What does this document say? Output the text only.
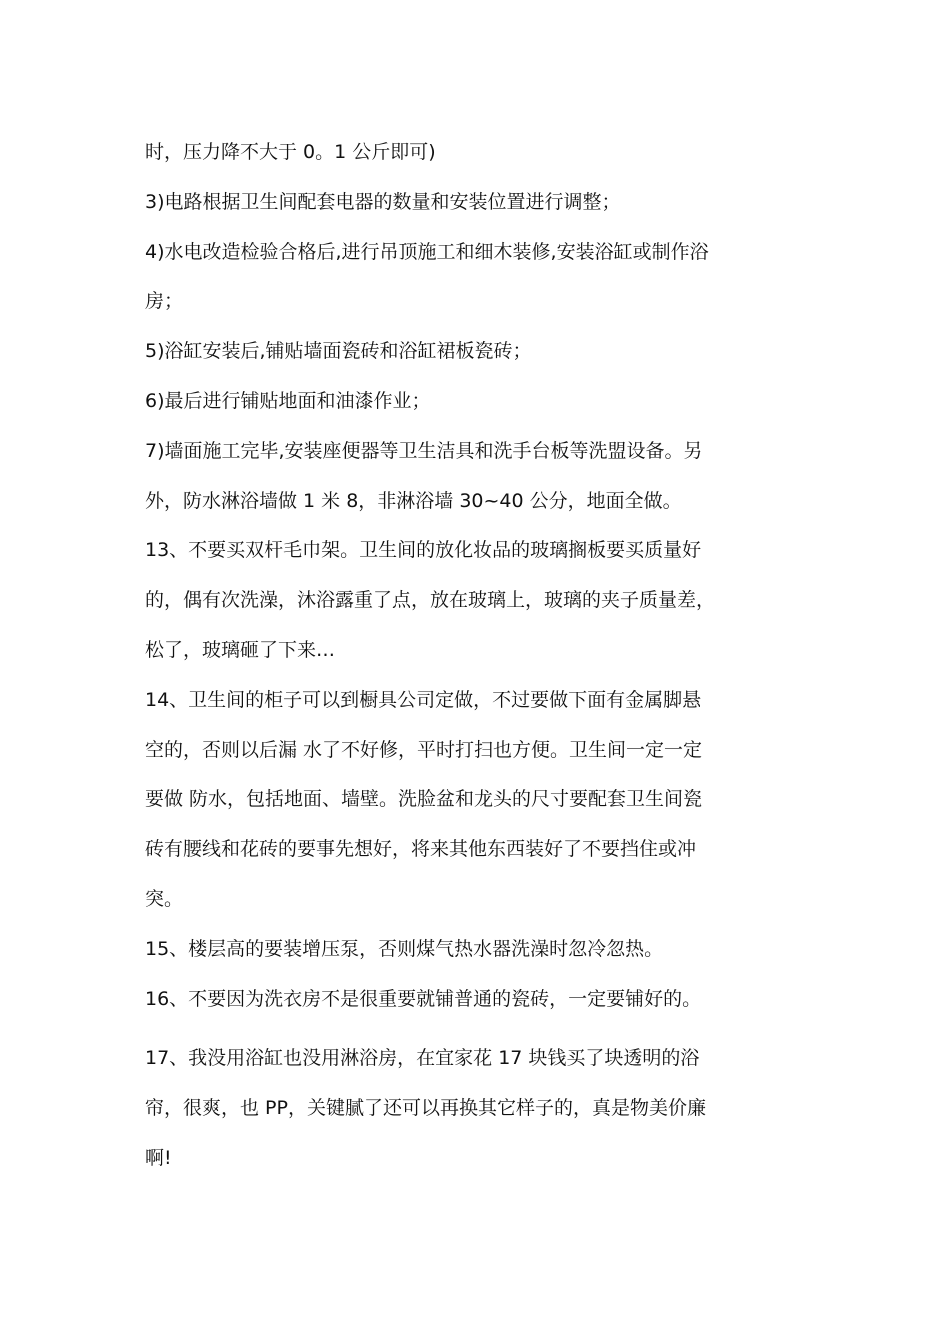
时，压力降不大于 0。1 公斤即可)
3)电路根据卫生间配套电器的数量和安装位置进行调整；
4)水电改造检验合格后,进行吊顶施工和细木装修,安装浴缸或制作浴
房；
5)浴缸安装后,铺贴墙面瓷砖和浴缸裙板瓷砖；
6)最后进行铺贴地面和油漆作业；
7)墙面施工完毕,安装座便器等卫生洁具和洗手台板等洗盟设备。另
外，防水淋浴墙做 1 米 8，非淋浴墙 30~40 公分，地面全做。
13、不要买双杆毛巾架。卫生间的放化妆品的玻璃搁板要买质量好
的，偶有次洗澡，沐浴露重了点，放在玻璃上，玻璃的夹子质量差，
松了，玻璃砸了下来…
14、卫生间的柜子可以到橱具公司定做，不过要做下面有金属脚悬
空的，否则以后漏 水了不好修，平时打扫也方便。卫生间一定一定
要做 防水，包括地面、墙壁。洗脸盆和龙头的尺寸要配套卫生间瓷
砖有腰线和花砖的要事先想好，将来其他东西装好了不要挡住或冲
突。
15、楼层高的要装增压泵，否则煤气热水器洗澡时忽冷忽热。
16、不要因为洗衣房不是很重要就铺普通的瓷砖，一定要铺好的。
17、我没用浴缸也没用淋浴房，在宜家花 17 块钱买了块透明的浴
帘，很爽，也 PP，关键腻了还可以再换其它样子的，真是物美价廉
啊!
